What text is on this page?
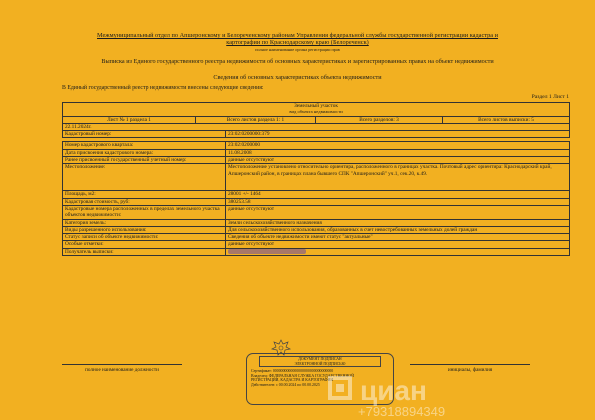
Межмуниципальный отдел по Апшеронскому и Белореченскому районам Управления федеральной службы государственной регистрации кадастра и
картографии по Краснодарскому краю (Белореченск)
полное наименование органа регистрации прав
Выписка из Единого государственного реестра недвижимости об основных характеристиках и зарегистрированных правах на объект недвижимости
Сведения об основных характеристиках объекта недвижимости
В Единый государственный реестр недвижимости внесены следующие сведения:
Раздел 1 Лист 1
Земельный участок
вид объекта недвижимости				

Лист № 1 раздела 1	Всего листов раздела 1: 1		Всего разделов: 3	Всего листов выписки: 5
22.11.2024г.				
Кадастровый номер:		23:02:0200000:379		

Номер кадастрового квартала:		23:02:0200000		
Дата присвоения кадастрового номера:		11.08.2008		
Ранее присвоенный государственный учетный номер:		данные отсутствуют		
Местоположение:		Местоположение установлено относительно ориентира, расположенного в границах участка. Почтовый адрес ориентира: Краснодарский край, Апшеронский район, в границах плана бывшего СПК "Апшеронский" уч.1, сек.20, к.49.		
Площадь, м2:		28001 +/- 1464		
Кадастровая стоимость, руб:		380253.58		
Кадастровые номера расположенных в пределах земельного участка объектов недвижимости:		данные отсутствуют		
Категория земель:		Земли сельскохозяйственного назначения		
Виды разрешенного использования:		Для сельскохозяйственного использования, образованных в счет невостребованных земельных долей граждан		
Статус записи об объекте недвижимости:		Сведения об объекте недвижимости имеют статус "актуальные"		
Особые отметки:		данные отсутствуют		
Получатель выписки:				
полное наименование должности	инициалы, фамилия
ДОКУМЕНТ ПОДПИСАН
ЭЛЕКТРОННОЙ ПОДПИСЬЮ
Сертификат: 0000000000000000000000000000000
Владелец: ФЕДЕРАЛЬНАЯ СЛУЖБА ГОСУДАРСТВЕННОЙ
РЕГИСТРАЦИИ, КАДАСТРА И КАРТОГРАФИИ
Действителен: с 00.00.2024 по 00.00.2025	циан
+79318894349
